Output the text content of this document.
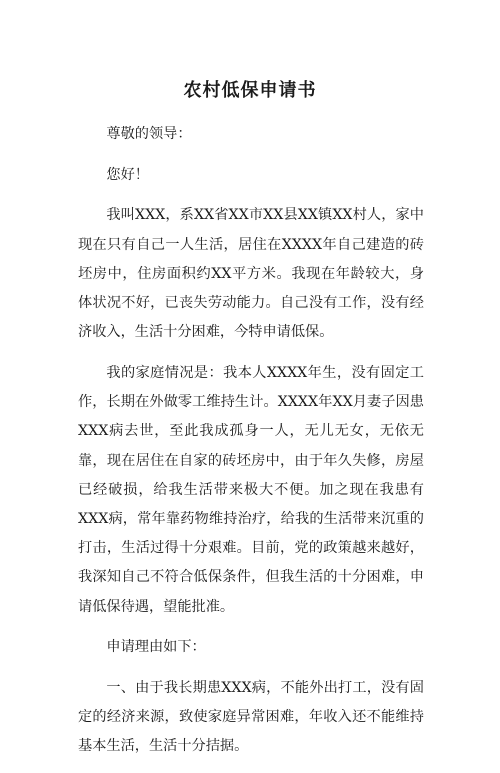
农村低保申请书

尊敬的领导：

您好！

我叫XXX，系XX省XX市XX县XX镇XX村人，家中现在只有自己一人生活，居住在XXXX年自己建造的砖坯房中，住房面积约XX平方米。我现在年龄较大，身体状况不好，已丧失劳动能力。自己没有工作，没有经济收入，生活十分困难，今特申请低保。

我的家庭情况是：我本人XXXX年生，没有固定工作，长期在外做零工维持生计。XXXX年XX月妻子因患XXX病去世，至此我成孤身一人，无儿无女，无依无靠，现在居住在自家的砖坯房中，由于年久失修，房屋已经破损，给我生活带来极大不便。加之现在我患有XXX病，常年靠药物维持治疗，给我的生活带来沉重的打击，生活过得十分艰难。目前，党的政策越来越好，我深知自己不符合低保条件，但我生活的十分困难，申请低保待遇，望能批准。

申请理由如下：

一、由于我长期患XXX病，不能外出打工，没有固定的经济来源，致使家庭异常困难，年收入还不能维持基本生活，生活十分拮据。
